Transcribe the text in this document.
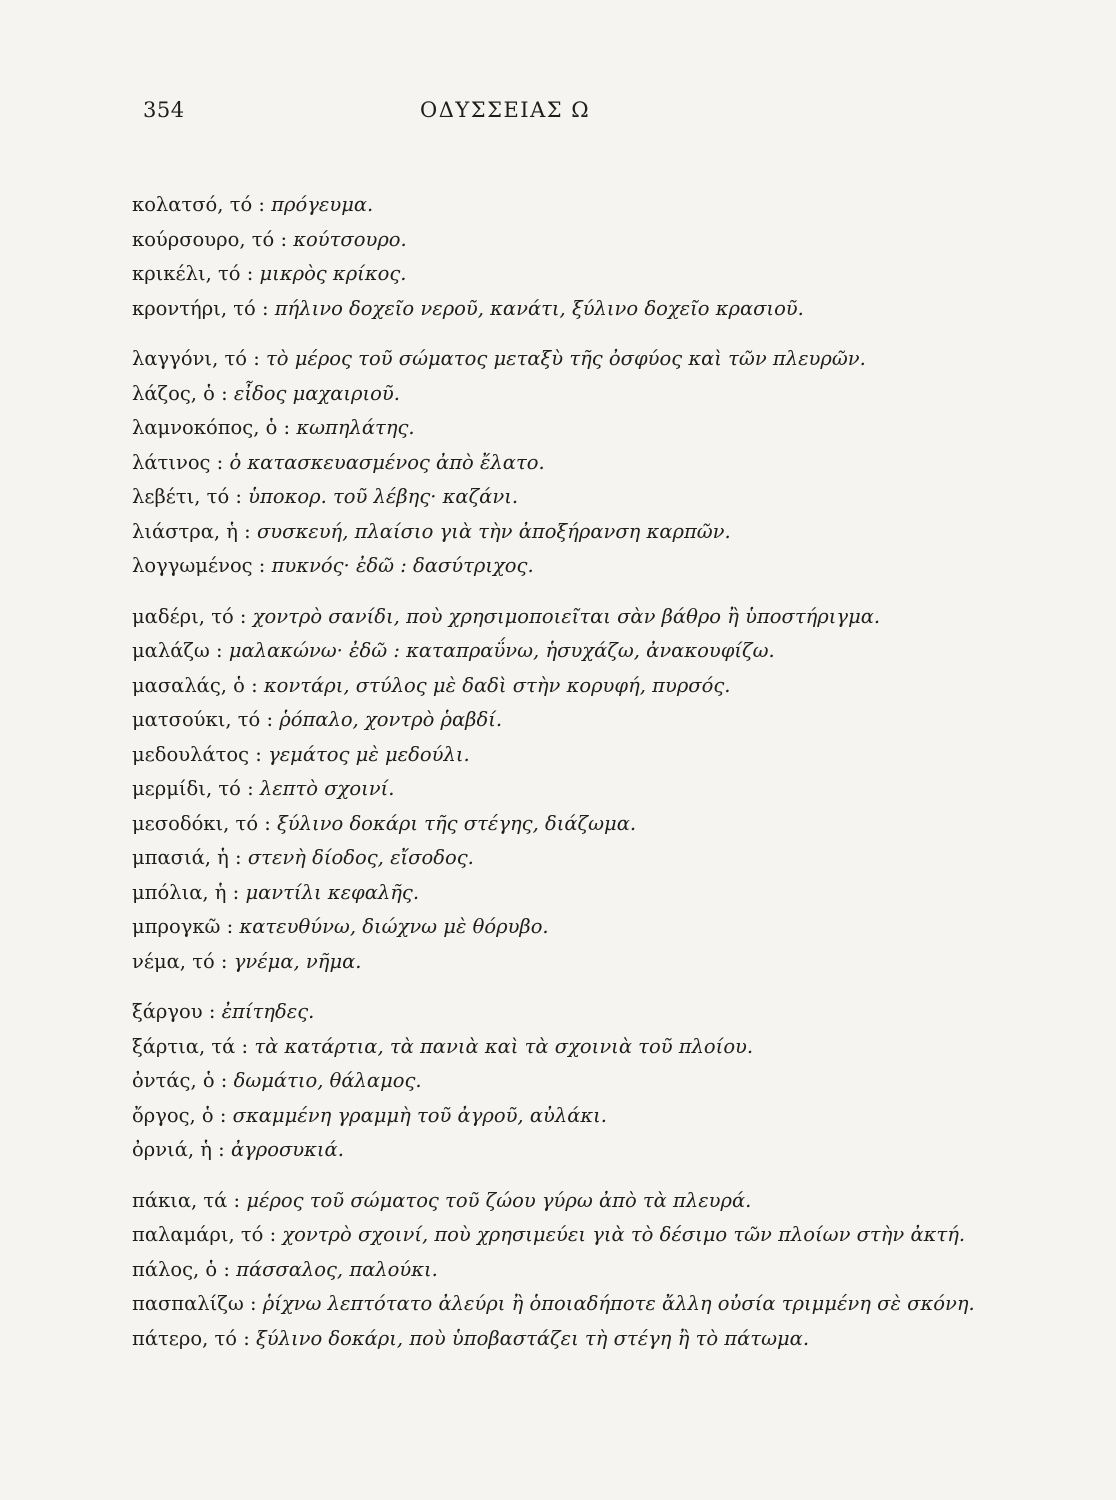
354	ΟΔΥΣΣΕΙΑΣ Ω
κολατσό, τό : πρόγευμα.
κούρσουρο, τό : κούτσουρο.
κρικέλι, τό : μικρὸς κρίκος.
κροντήρι, τό : πήλινο δοχεῖο νεροῦ, κανάτι, ξύλινο δοχεῖο κρασιοῦ.
λαγγόνι, τό : τὸ μέρος τοῦ σώματος μεταξὺ τῆς ὀσφύος καὶ τῶν πλευρῶν.
λάζος, ὁ : εἶδος μαχαιριοῦ.
λαμνοκόπος, ὁ : κωπηλάτης.
λάτινος : ὁ κατασκευασμένος ἀπὸ ἔλατο.
λεβέτι, τό : ὑποκορ. τοῦ λέβης· καζάνι.
λιάστρα, ἡ : συσκευή, πλαίσιο γιὰ τὴν ἀποξήρανση καρπῶν.
λογγωμένος : πυκνός· ἐδῶ : δασύτριχος.
μαδέρι, τό : χοντρὸ σανίδι, ποὺ χρησιμοποιεῖται σὰν βάθρο ἢ ὑποστήριγμα.
μαλάζω : μαλακώνω· ἐδῶ : καταπραΰνω, ἡσυχάζω, ἀνακουφίζω.
μασαλάς, ὁ : κοντάρι, στύλος μὲ δαδὶ στὴν κορυφή, πυρσός.
ματσούκι, τό : ῥόπαλο, χοντρὸ ῥαβδί.
μεδουλάτος : γεμάτος μὲ μεδούλι.
μερμίδι, τό : λεπτὸ σχοινί.
μεσοδόκι, τό : ξύλινο δοκάρι τῆς στέγης, διάζωμα.
μπασιά, ἡ : στενὴ δίοδος, εἴσοδος.
μπόλια, ἡ : μαντίλι κεφαλῆς.
μπρογκῶ : κατευθύνω, διώχνω μὲ θόρυβο.
νέμα, τό : γνέμα, νῆμα.
ξάργου : ἐπίτηδες.
ξάρτια, τά : τὰ κατάρτια, τὰ πανιὰ καὶ τὰ σχοινιὰ τοῦ πλοίου.
ὀντάς, ὁ : δωμάτιο, θάλαμος.
ὄργος, ὁ : σκαμμένη γραμμὴ τοῦ ἀγροῦ, αὐλάκι.
ὀρνιά, ἡ : ἀγροσυκιά.
πάκια, τά : μέρος τοῦ σώματος τοῦ ζώου γύρω ἀπὸ τὰ πλευρά.
παλαμάρι, τό : χοντρὸ σχοινί, ποὺ χρησιμεύει γιὰ τὸ δέσιμο τῶν πλοίων στὴν ἀκτή.
πάλος, ὁ : πάσσαλος, παλούκι.
πασπαλίζω : ῥίχνω λεπτότατο ἀλεύρι ἢ ὁποιαδήποτε ἄλλη οὐσία τριμμένη σὲ σκόνη.
πάτερο, τό : ξύλινο δοκάρι, ποὺ ὑποβαστάζει τὴ στέγη ἢ τὸ πάτωμα.
